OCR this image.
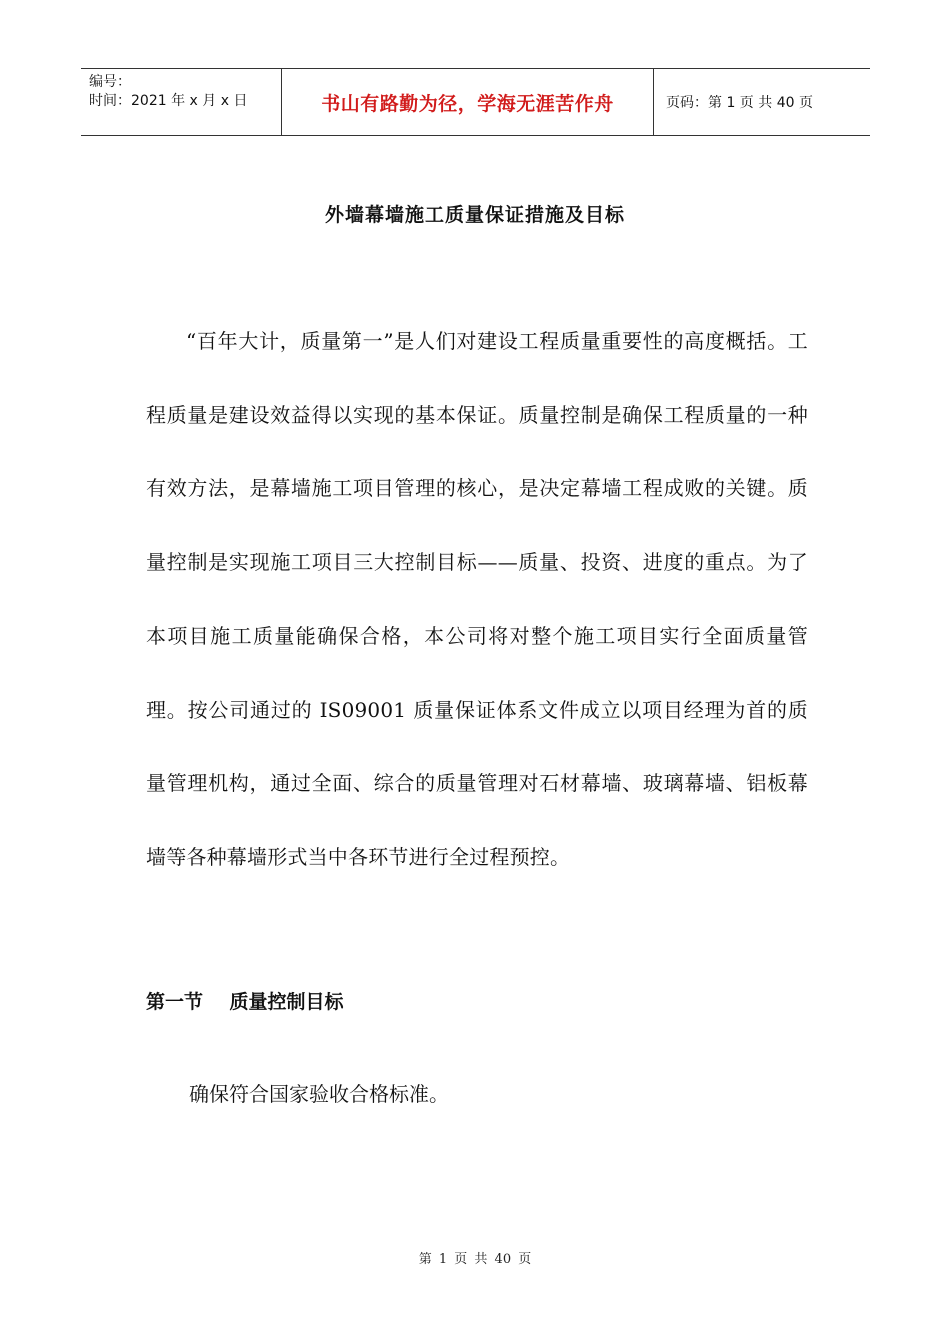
编号：
时间：2021 年 x 月 x 日	书山有路勤为径，学海无涯苦作舟	页码：第 1 页 共 40 页
外墙幕墙施工质量保证措施及目标

“百年大计，质量第一”是人们对建设工程质量重要性的高度概括。工程质量是建设效益得以实现的基本保证。质量控制是确保工程质量的一种有效方法，是幕墙施工项目管理的核心，是决定幕墙工程成败的关键。质量控制是实现施工项目三大控制目标——质量、投资、进度的重点。为了本项目施工质量能确保合格，本公司将对整个施工项目实行全面质量管理。按公司通过的 IS09001 质量保证体系文件成立以项目经理为首的质量管理机构，通过全面、综合的质量管理对石材幕墙、玻璃幕墙、铝板幕墙等各种幕墙形式当中各环节进行全过程预控。

第一节    质量控制目标
确保符合国家验收合格标准。
第 1 页 共 40 页
